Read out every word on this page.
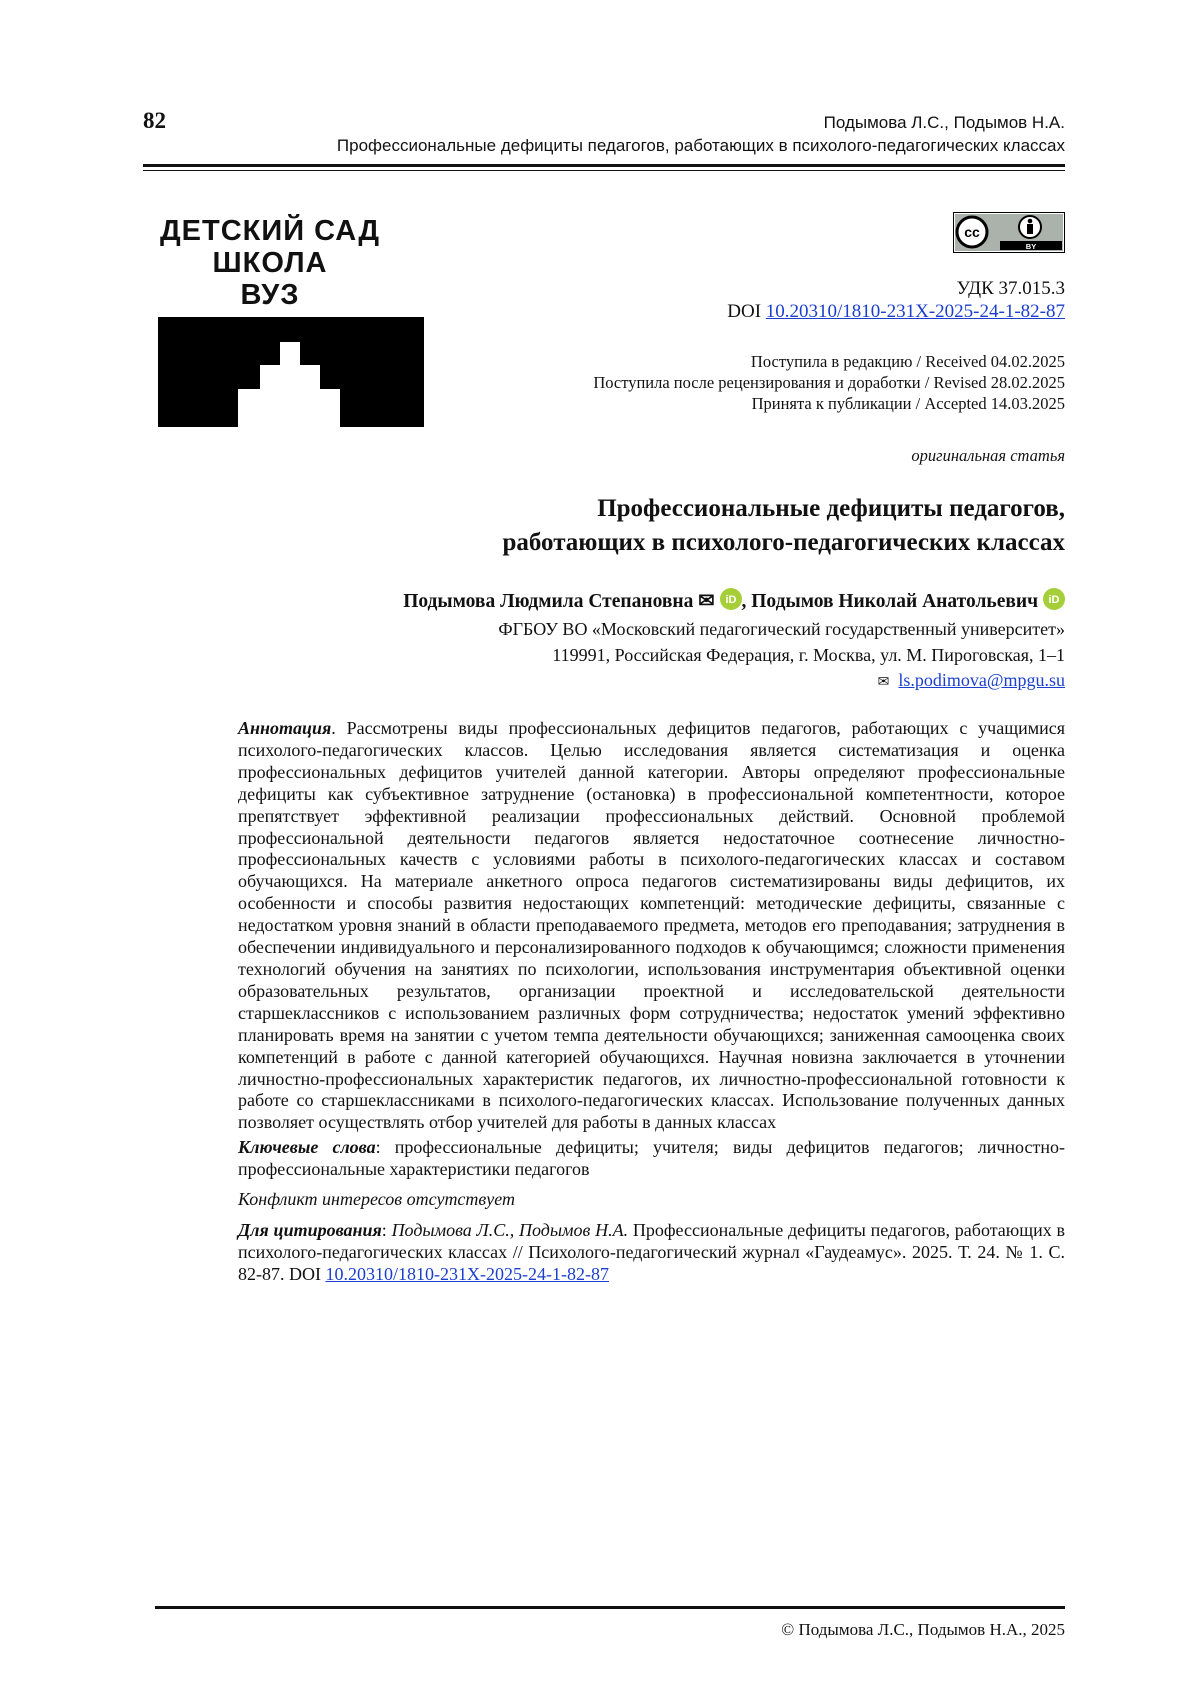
82	Подымова Л.С., Подымов Н.А.
Профессиональные дефициты педагогов, работающих в психолого-педагогических классах
ДЕТСКИЙ САД
ШКОЛА
ВУЗ
cc
BY
УДК 37.015.3
DOI 10.20310/1810-231X-2025-24-1-82-87
Поступила в редакцию / Received 04.02.2025
Поступила после рецензирования и доработки / Revised 28.02.2025
Принята к публикации / Accepted 14.03.2025
оригинальная статья
Профессиональные дефициты педагогов,
работающих в психолого-педагогических классах
Подымова Людмила Степановна ✉ iD , Подымов Николай Анатольевич iD
ФГБОУ ВО «Московский педагогический государственный университет»
119991, Российская Федерация, г. Москва, ул. М. Пироговская, 1–1
✉ ls.podimova@mpgu.su

Аннотация. Рассмотрены виды профессиональных дефицитов педагогов, работающих с учащимися психолого-педагогических классов. Целью исследования является систематизация и оценка профессиональных дефицитов учителей данной категории. Авторы определяют профессиональные дефициты как субъективное затруднение (остановка) в профессиональной компетентности, которое препятствует эффективной реализации профессиональных действий. Основной проблемой профессиональной деятельности педагогов является недостаточное соотнесение личностно-профессиональных качеств с условиями работы в психолого-педагогических классах и составом обучающихся. На материале анкетного опроса педагогов систематизированы виды дефицитов, их особенности и способы развития недостающих компетенций: методические дефициты, связанные с недостатком уровня знаний в области преподаваемого предмета, методов его преподавания; затруднения в обеспечении индивидуального и персонализированного подходов к обучающимся; сложности применения технологий обучения на занятиях по психологии, использования инструментария объективной оценки образовательных результатов, организации проектной и исследовательской деятельности старшеклассников с использованием различных форм сотрудничества; недостаток умений эффективно планировать время на занятии с учетом темпа деятельности обучающихся; заниженная самооценка своих компетенций в работе с данной категорией обучающихся. Научная новизна заключается в уточнении личностно-профессиональных характеристик педагогов, их личностно-профессиональной готовности к работе со старшеклассниками в психолого-педагогических классах. Использование полученных данных позволяет осуществлять отбор учителей для работы в данных классах

Ключевые слова: профессиональные дефициты; учителя; виды дефицитов педагогов; личностно-профессиональные характеристики педагогов

Конфликт интересов отсутствует

Для цитирования: Подымова Л.С., Подымов Н.А. Профессиональные дефициты педагогов, работающих в психолого-педагогических классах // Психолого-педагогический журнал «Гаудеамус». 2025. Т. 24. № 1. С. 82-87. DOI 10.20310/1810-231X-2025-24-1-82-87

© Подымова Л.С., Подымов Н.А., 2025
